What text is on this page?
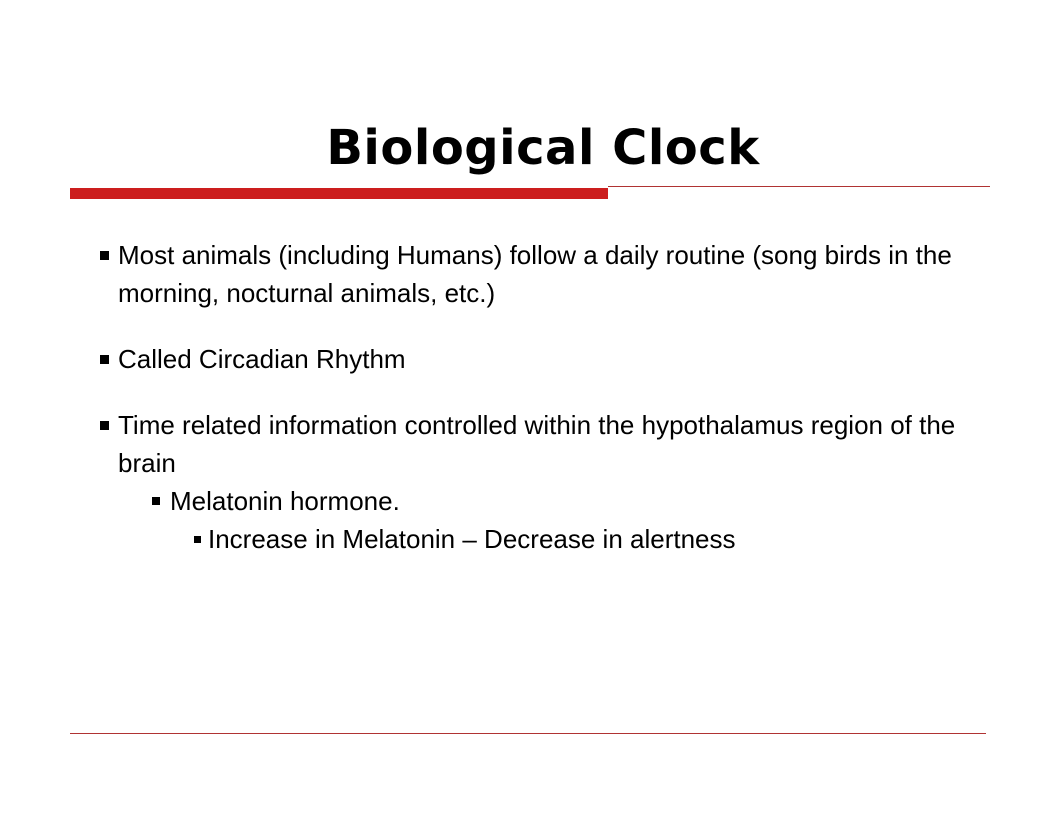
Biological Clock
Most animals (including Humans) follow a daily routine (song birds in the morning, nocturnal animals, etc.)
Called Circadian Rhythm
Time related information controlled within the hypothalamus region of the brain
Melatonin hormone.
Increase in Melatonin – Decrease in alertness
